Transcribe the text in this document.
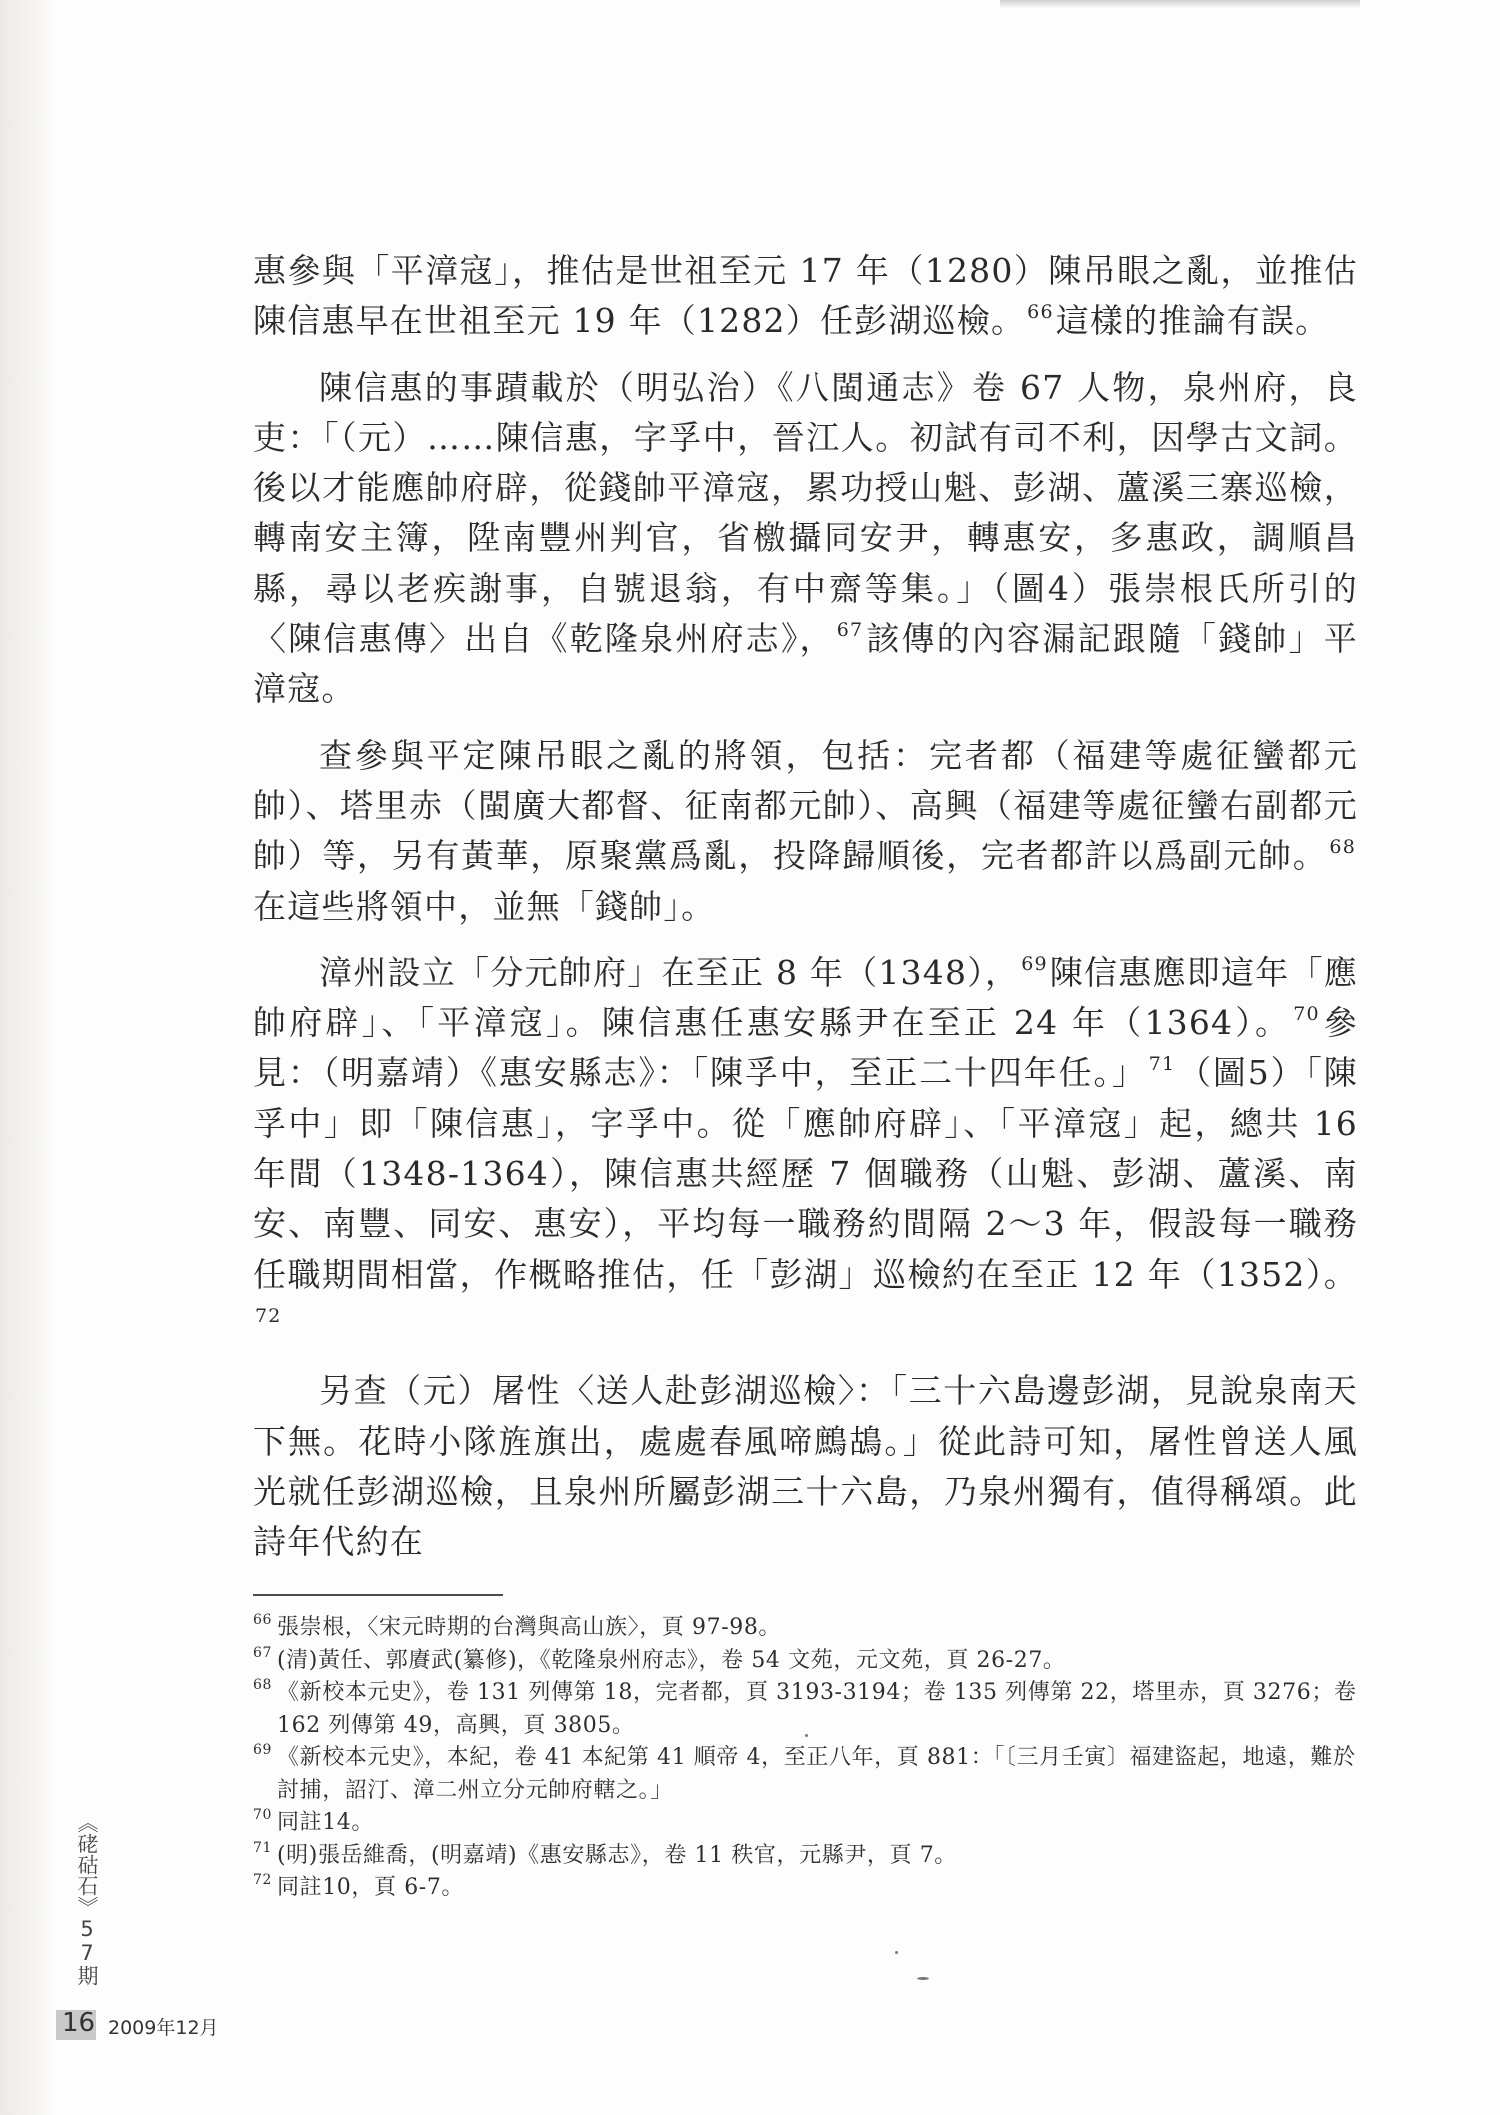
惠參與「平漳寇」，推估是世祖至元 17 年（1280）陳吊眼之亂，並推估陳信惠早在世祖至元 19 年（1282）任彭湖巡檢。 $^{66}$這樣的推論有誤。

陳信惠的事蹟載於（明弘治）《八閩通志》卷 67 人物，泉州府，良吏：「（元）……陳信惠，字孚中，晉江人。初試有司不利，因學古文詞。後以才能應帥府辟，從錢帥平漳寇，累功授山魁、彭湖、蘆溪三寨巡檢，轉南安主簿，陞南豐州判官，省檄攝同安尹，轉惠安，多惠政，調順昌縣，尋以老疾謝事，自號退翁，有中齋等集。」（圖4）張崇根氏所引的〈陳信惠傳〉出自《乾隆泉州府志》， $^{67}$該傳的內容漏記跟隨「錢帥」平漳寇。

查參與平定陳吊眼之亂的將領，包括：完者都（福建等處征蠻都元帥）、塔里赤（閩廣大都督、征南都元帥）、高興（福建等處征蠻右副都元帥）等，另有黃華，原聚黨爲亂，投降歸順後，完者都許以爲副元帥。 $^{68}$在這些將領中，並無「錢帥」。

漳州設立「分元帥府」在至正 8 年（1348）， $^{69}$陳信惠應即這年「應帥府辟」、「平漳寇」。陳信惠任惠安縣尹在至正 24 年（1364）。 $^{70}$參見：（明嘉靖）《惠安縣志》：「陳孚中，至正二十四年任。」 $^{71}$（圖5）「陳孚中」即「陳信惠」，字孚中。從「應帥府辟」、「平漳寇」起，總共 16 年間（1348-1364），陳信惠共經歷 7 個職務（山魁、彭湖、蘆溪、南安、南豐、同安、惠安），平均每一職務約間隔 2～3 年，假設每一職務任職期間相當，作概略推估，任「彭湖」巡檢約在至正 12 年（1352）。$^{72}$

另查（元）屠性〈送人赴彭湖巡檢〉：「三十六島邊彭湖，見說泉南天下無。花時小隊旌旗出，處處春風啼鷓鴣。」從此詩可知，屠性曾送人風光就任彭湖巡檢，且泉州所屬彭湖三十六島，乃泉州獨有，值得稱頌。此詩年代約在

66 張崇根，〈宋元時期的台灣與高山族〉，頁 97-98。

67 (清)黃任、郭賡武(纂修)，《乾隆泉州府志》，卷 54 文苑，元文苑，頁 26-27。

68 《新校本元史》，卷 131 列傳第 18，完者都，頁 3193-3194；卷 135 列傳第 22，塔里赤，頁 3276；卷 162 列傳第 49，高興，頁 3805。

69 《新校本元史》，本紀，卷 41 本紀第 41 順帝 4，至正八年，頁 881：「〔三月壬寅〕福建盜起，地遠，難於討捕，詔汀、漳二州立分元帥府轄之。」

70 同註14。

71 (明)張岳維喬，(明嘉靖)《惠安縣志》，卷 11 秩官，元縣尹，頁 7。

72 同註10，頁 6-7。

《硓𥑮石》57期
16 2009年12月
